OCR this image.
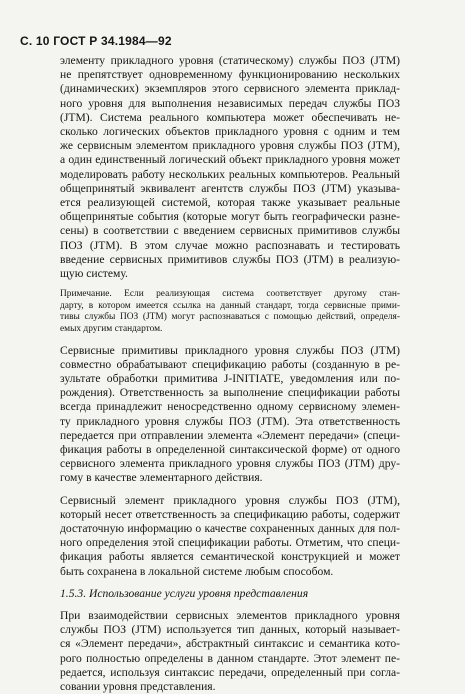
С. 10 ГОСТ Р 34.1984—92
элементу прикладного уровня (статическому) службы ПОЗ (JTM)
не препятствует одновременному функционированию нескольких
(динамических) экземпляров этого сервисного элемента приклад-
ного уровня для выполнения независимых передач службы ПОЗ
(JTM). Система реального компьютера может обеспечивать не-
сколько логических объектов прикладного уровня с одним и тем
же сервисным элементом прикладного уровня службы ПОЗ (JTM),
а один единственный логический объект прикладного уровня может
моделировать работу нескольких реальных компьютеров. Реальный
общепринятый эквивалент агентств службы ПОЗ (JTM) указыва-
ется реализующей системой, которая также указывает реальные
общепринятые события (которые могут быть географически разне-
сены) в соответствии с введением сервисных примитивов службы
ПОЗ (JTM). В этом случае можно распознавать и тестировать
введение сервисных примитивов службы ПОЗ (JTM) в реализую-
щую систему.
Примечание. Если реализующая система соответствует другому стан-
дарту, в котором имеется ссылка на данный стандарт, тогда сервисные прими-
тивы службы ПОЗ (JTM) могут распознаваться с помощью действий, определя-
емых другим стандартом.
Сервисные примитивы прикладного уровня службы ПОЗ (JTM)
совместно обрабатывают спецификацию работы (созданную в ре-
зультате обработки примитива J-INITIATE, уведомления или по-
рождения). Ответственность за выполнение спецификации работы
всегда принадлежит неносредственно одному сервисному элемен-
ту прикладного уровня службы ПОЗ (JTM). Эта ответственность
передается при отправлении элемента «Элемент передачи» (специ-
фикация работы в определенной синтаксической форме) от одного
сервисного элемента прикладного уровня службы ПОЗ (JTM) дру-
гому в качестве элементарного действия.
Сервисный элемент прикладного уровня службы ПОЗ (JTM),
который несет ответственность за спецификацию работы, содержит
достаточную информацию о качестве сохраненных данных для пол-
ного определения этой спецификации работы. Отметим, что специ-
фикация работы является семантической конструкцией и может
быть сохранена в локальной системе любым способом.
1.5.3. Использование услуги уровня представления
При взаимодействии сервисных элементов прикладного уровня
службы ПОЗ (JTM) используется тип данных, который называет-
ся «Элемент передачи», абстрактный синтаксис и семантика кото-
рого полностью определены в данном стандарте. Этот элемент пе-
редается, используя синтаксис передачи, определенный при согла-
совании уровня представления.
